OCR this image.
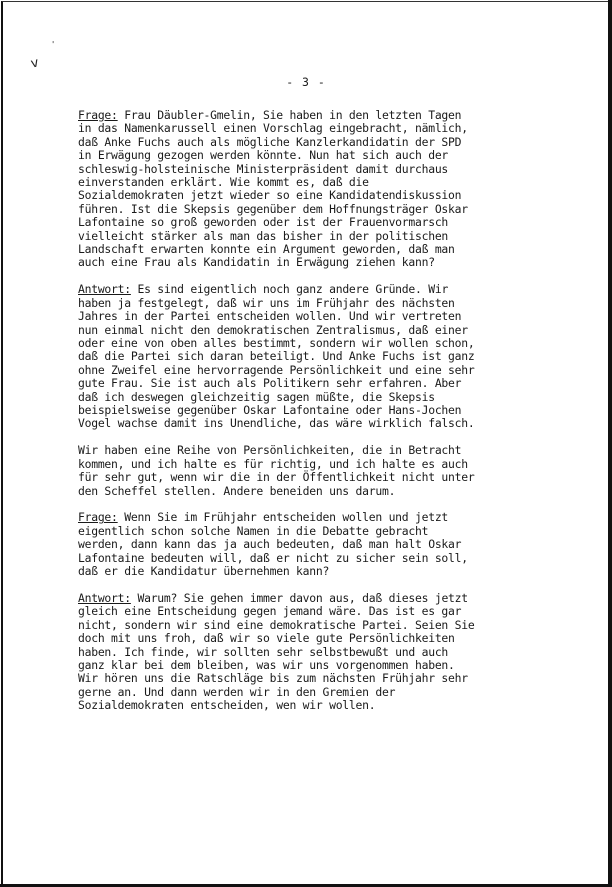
'
v
- 3 -
Frage: Frau Däubler-Gmelin, Sie haben in den letzten Tagen
in das Namenkarussell einen Vorschlag eingebracht, nämlich,
daß Anke Fuchs auch als mögliche Kanzlerkandidatin der SPD
in Erwägung gezogen werden könnte. Nun hat sich auch der
schleswig-holsteinische Ministerpräsident damit durchaus
einverstanden erklärt. Wie kommt es, daß die
Sozialdemokraten jetzt wieder so eine Kandidatendiskussion
führen. Ist die Skepsis gegenüber dem Hoffnungsträger Oskar
Lafontaine so groß geworden oder ist der Frauenvormarsch
vielleicht stärker als man das bisher in der politischen
Landschaft erwarten konnte ein Argument geworden, daß man
auch eine Frau als Kandidatin in Erwägung ziehen kann?
Antwort: Es sind eigentlich noch ganz andere Gründe. Wir
haben ja festgelegt, daß wir uns im Frühjahr des nächsten
Jahres in der Partei entscheiden wollen. Und wir vertreten
nun einmal nicht den demokratischen Zentralismus, daß einer
oder eine von oben alles bestimmt, sondern wir wollen schon,
daß die Partei sich daran beteiligt. Und Anke Fuchs ist ganz
ohne Zweifel eine hervorragende Persönlichkeit und eine sehr
gute Frau. Sie ist auch als Politikern sehr erfahren. Aber
daß ich deswegen gleichzeitig sagen müßte, die Skepsis
beispielsweise gegenüber Oskar Lafontaine oder Hans-Jochen
Vogel wachse damit ins Unendliche, das wäre wirklich falsch.
Wir haben eine Reihe von Persönlichkeiten, die in Betracht
kommen, und ich halte es für richtig, und ich halte es auch
für sehr gut, wenn wir die in der Öffentlichkeit nicht unter
den Scheffel stellen. Andere beneiden uns darum.
Frage: Wenn Sie im Frühjahr entscheiden wollen und jetzt
eigentlich schon solche Namen in die Debatte gebracht
werden, dann kann das ja auch bedeuten, daß man halt Oskar
Lafontaine bedeuten will, daß er nicht zu sicher sein soll,
daß er die Kandidatur übernehmen kann?
Antwort: Warum? Sie gehen immer davon aus, daß dieses jetzt
gleich eine Entscheidung gegen jemand wäre. Das ist es gar
nicht, sondern wir sind eine demokratische Partei. Seien Sie
doch mit uns froh, daß wir so viele gute Persönlichkeiten
haben. Ich finde, wir sollten sehr selbstbewußt und auch
ganz klar bei dem bleiben, was wir uns vorgenommen haben.
Wir hören uns die Ratschläge bis zum nächsten Frühjahr sehr
gerne an. Und dann werden wir in den Gremien der
Sozialdemokraten entscheiden, wen wir wollen.
